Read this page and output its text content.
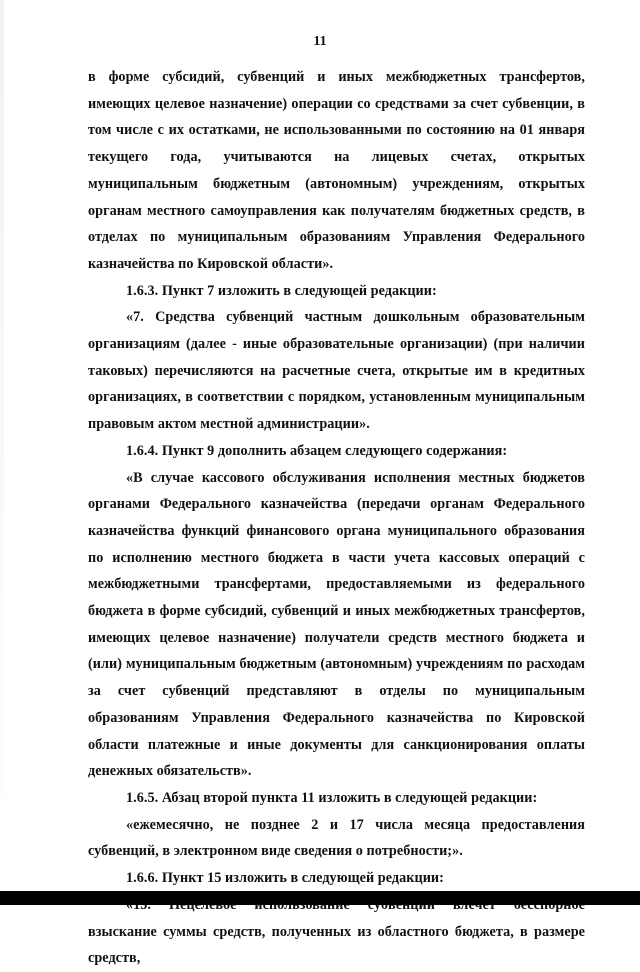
11

в форме субсидий, субвенций и иных межбюджетных трансфертов, имеющих целевое назначение) операции со средствами за счет субвенции, в том числе с их остатками, не использованными по состоянию на 01 января текущего года, учитываются на лицевых счетах, открытых муниципальным бюджетным (автономным) учреждениям, открытых органам местного самоуправления как получателям бюджетных средств, в отделах по муниципальным образованиям Управления Федерального казначейства по Кировской области».

1.6.3. Пункт 7 изложить в следующей редакции:

«7. Средства субвенций частным дошкольным образовательным организациям (далее - иные образовательные организации) (при наличии таковых) перечисляются на расчетные счета, открытые им в кредитных организациях, в соответствии с порядком, установленным муниципальным правовым актом местной администрации».

1.6.4. Пункт 9 дополнить абзацем следующего содержания:

«В случае кассового обслуживания исполнения местных бюджетов органами Федерального казначейства (передачи органам Федерального казначейства функций финансового органа муниципального образования по исполнению местного бюджета в части учета кассовых операций с межбюджетными трансфертами, предоставляемыми из федерального бюджета в форме субсидий, субвенций и иных межбюджетных трансфертов, имеющих целевое назначение) получатели средств местного бюджета и (или) муниципальным бюджетным (автономным) учреждениям по расходам за счет субвенций представляют в отделы по муниципальным образованиям Управления Федерального казначейства по Кировской области платежные и иные документы для санкционирования оплаты денежных обязательств».

1.6.5. Абзац второй пункта 11 изложить в следующей редакции:

«ежемесячно, не позднее 2 и 17 числа месяца предоставления субвенций, в электронном виде сведения о потребности;».

1.6.6. Пункт 15 изложить в следующей редакции:

взыскание суммы средств, полученных из областного бюджета, в размере средств,
